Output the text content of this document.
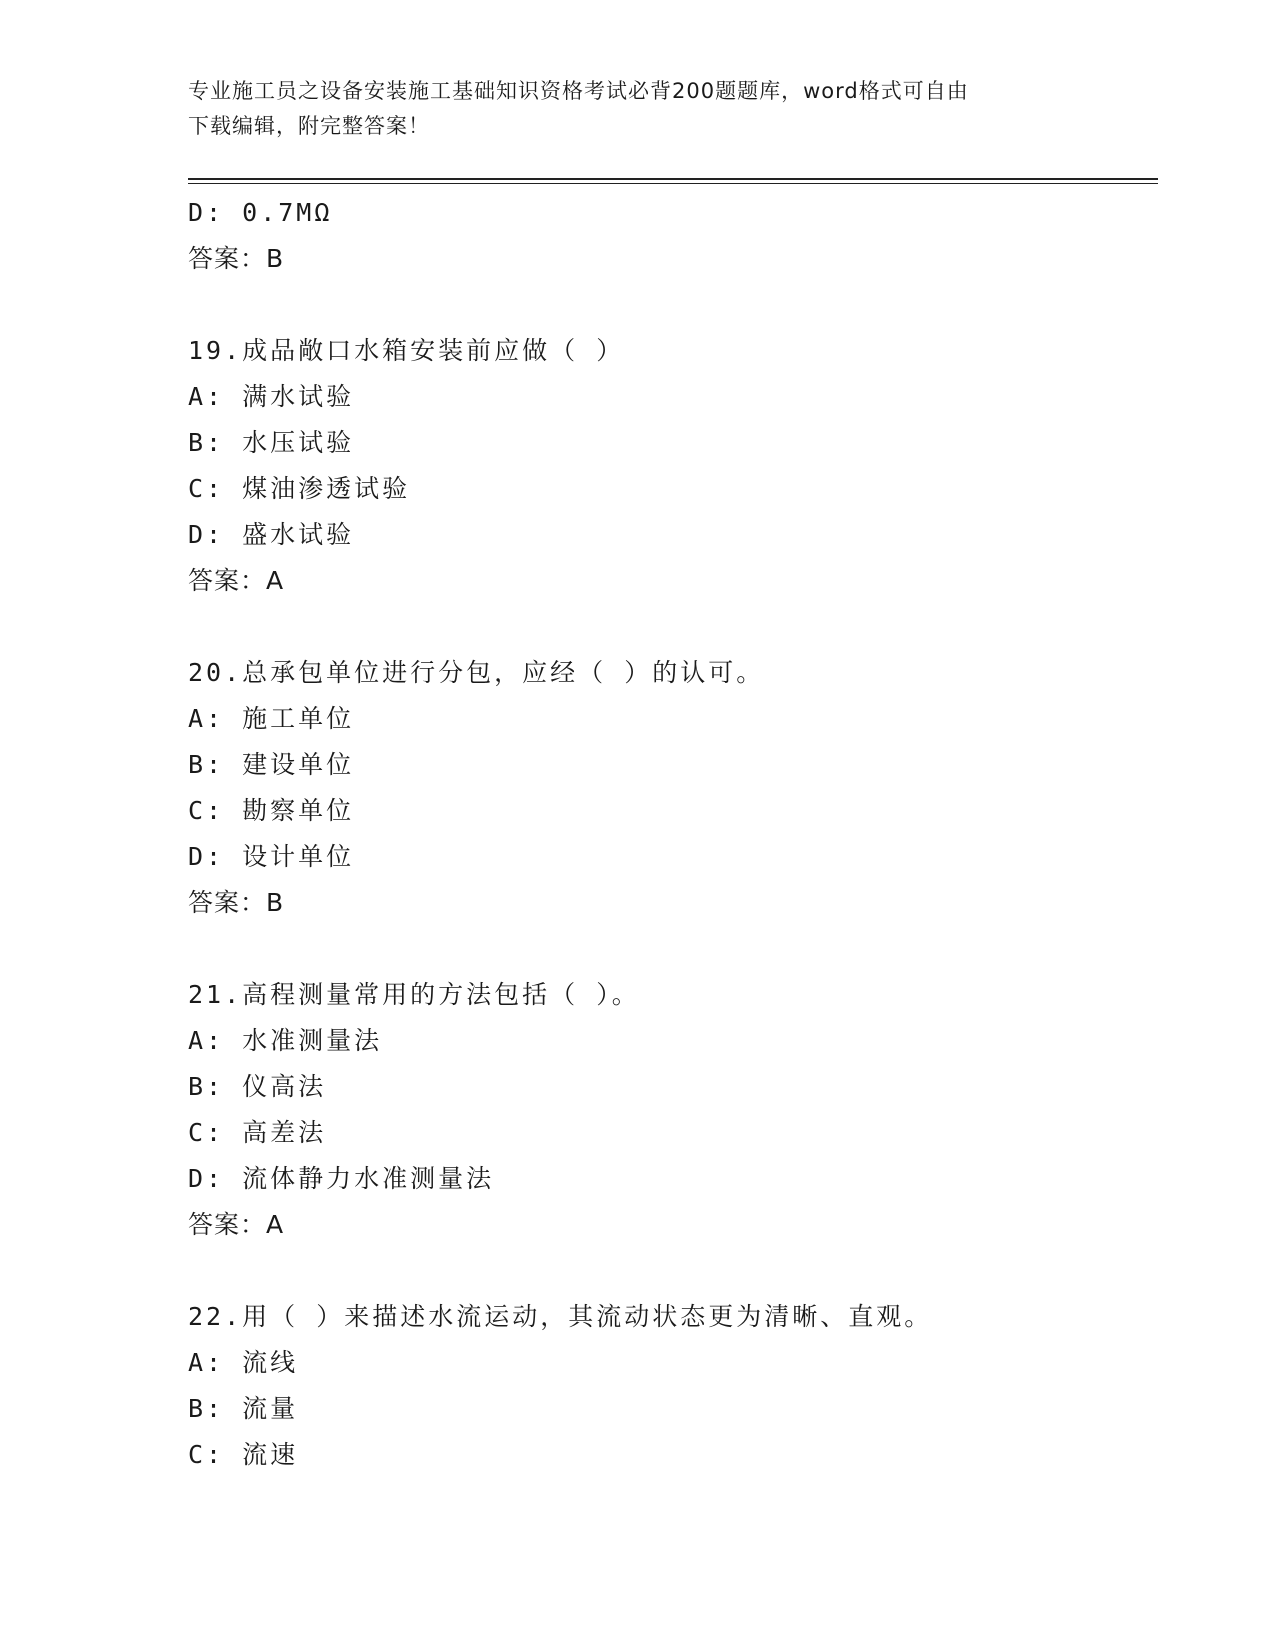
专业施工员之设备安装施工基础知识资格考试必背200题题库，word格式可自由
下载编辑，附完整答案！
D: 0.7MΩ
答案：B
19.成品敞口水箱安装前应做（ ）
A: 满水试验
B: 水压试验
C: 煤油渗透试验
D: 盛水试验
答案：A
20.总承包单位进行分包，应经（ ）的认可。
A: 施工单位
B: 建设单位
C: 勘察单位
D: 设计单位
答案：B
21.高程测量常用的方法包括（ ）。
A: 水准测量法
B: 仪高法
C: 高差法
D: 流体静力水准测量法
答案：A
22.用（ ）来描述水流运动，其流动状态更为清晰、直观。
A: 流线
B: 流量
C: 流速
